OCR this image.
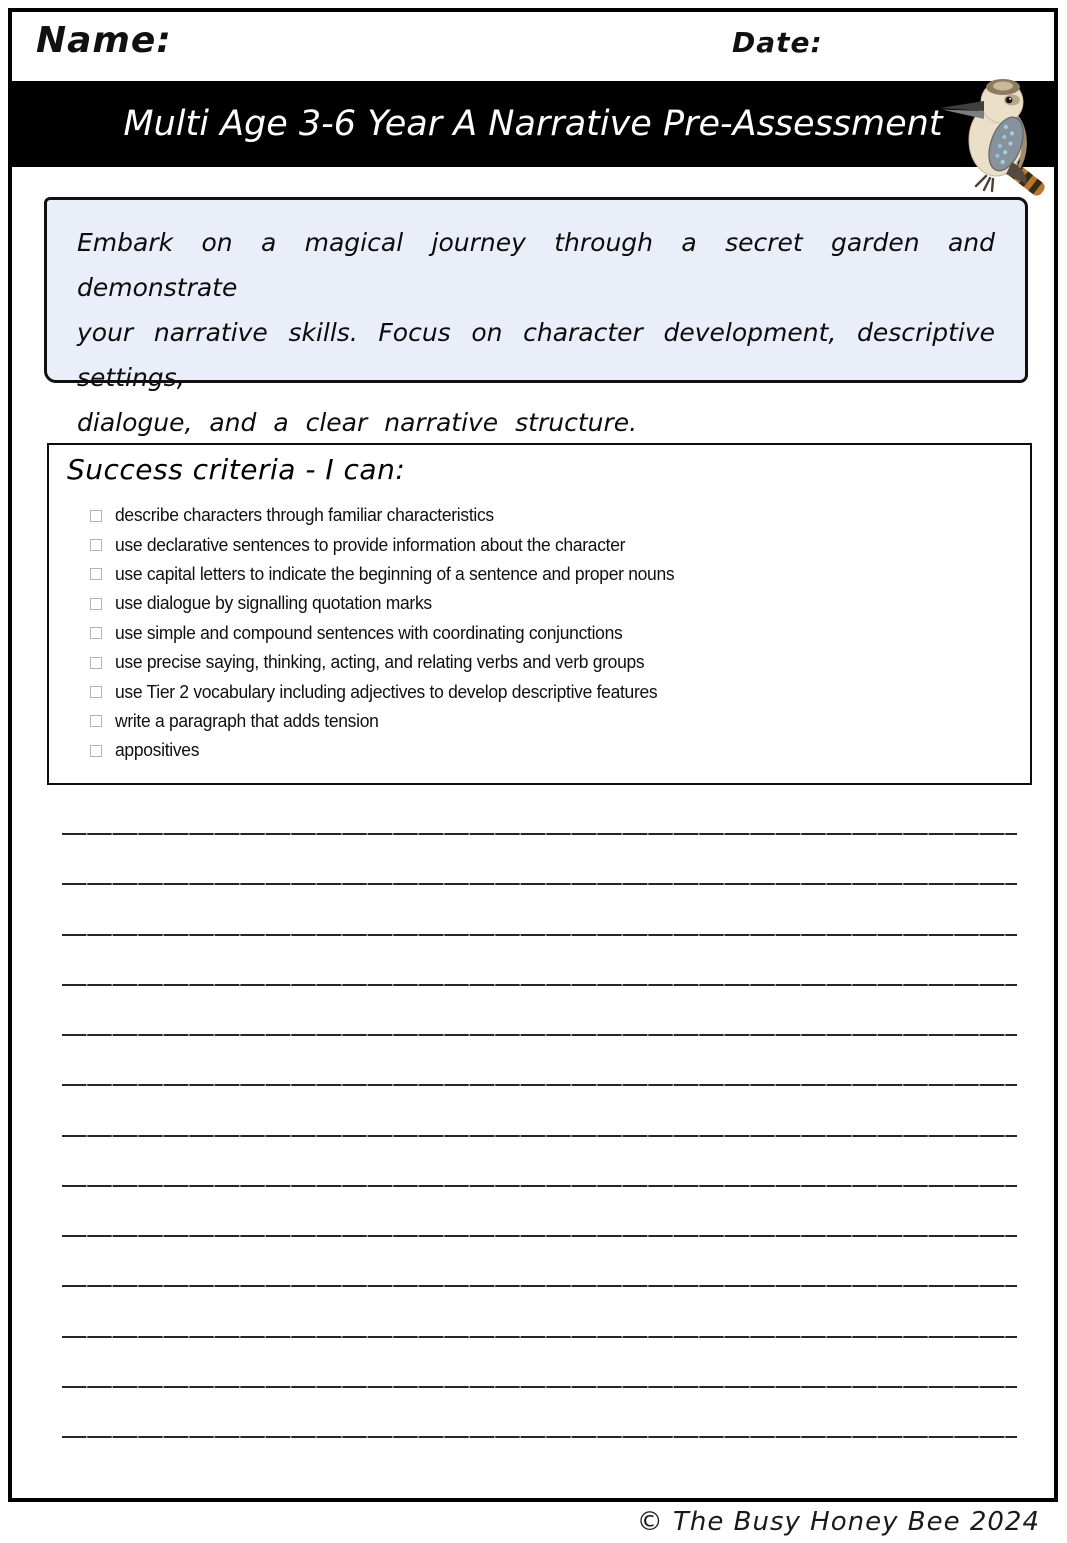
Name:	Date:
Multi Age 3-6 Year A Narrative Pre-Assessment
Embark on a magical journey through a secret garden and demonstrate
your narrative skills. Focus on character development, descriptive settings,
dialogue, and a clear narrative structure.
Success criteria - I can:
describe characters through familiar characteristics
use declarative sentences to provide information about the character
use capital letters to indicate the beginning of a sentence and proper nouns
use dialogue by signalling quotation marks
use simple and compound sentences with coordinating conjunctions
use precise saying, thinking, acting, and relating verbs and verb groups
use Tier 2 vocabulary including adjectives to develop descriptive features
write a paragraph that adds tension
appositives
© The Busy Honey Bee 2024
